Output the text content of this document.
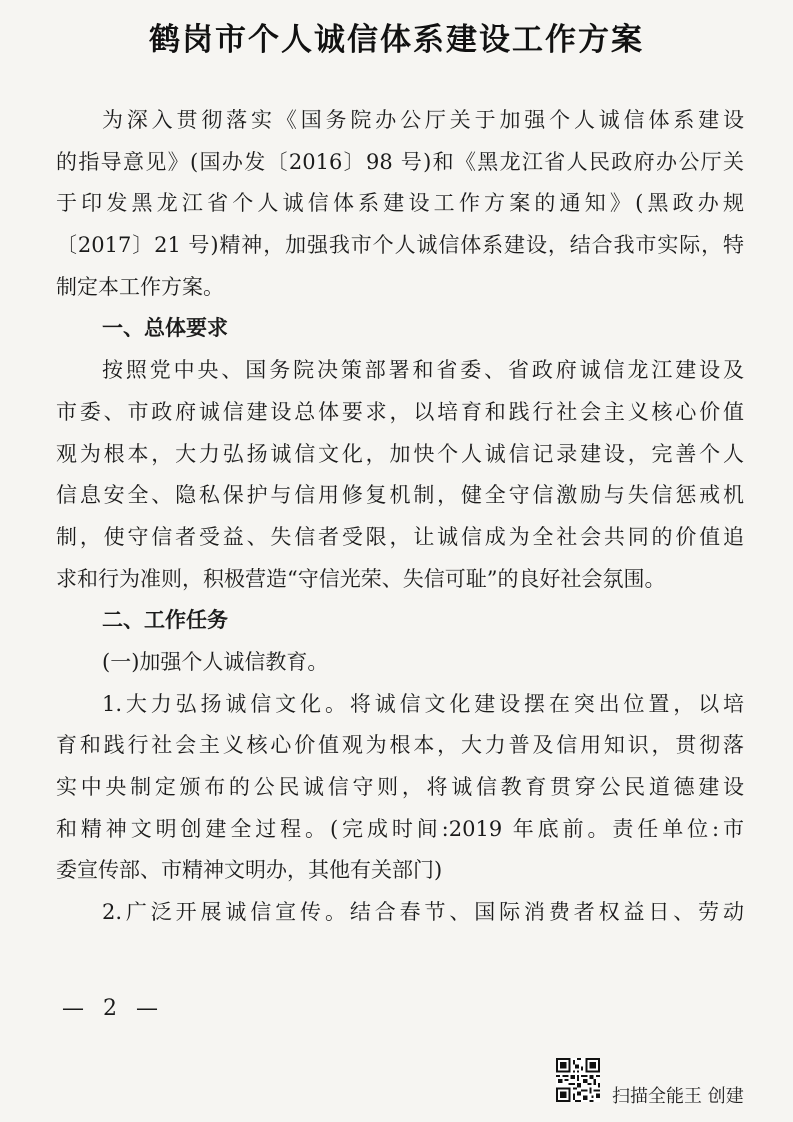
鹤岗市个人诚信体系建设工作方案
为深入贯彻落实《国务院办公厅关于加强个人诚信体系建设
的指导意见》(国办发〔2016〕98 号)和《黑龙江省人民政府办公厅关
于印发黑龙江省个人诚信体系建设工作方案的通知》(黑政办规
〔2017〕21 号)精神，加强我市个人诚信体系建设，结合我市实际，特
制定本工作方案。
一、总体要求
按照党中央、国务院决策部署和省委、省政府诚信龙江建设及
市委、市政府诚信建设总体要求，以培育和践行社会主义核心价值
观为根本，大力弘扬诚信文化，加快个人诚信记录建设，完善个人
信息安全、隐私保护与信用修复机制，健全守信激励与失信惩戒机
制，使守信者受益、失信者受限，让诚信成为全社会共同的价值追
求和行为准则，积极营造“守信光荣、失信可耻”的良好社会氛围。
二、工作任务
(一)加强个人诚信教育。
1.大力弘扬诚信文化。将诚信文化建设摆在突出位置，以培
育和践行社会主义核心价值观为根本，大力普及信用知识，贯彻落
实中央制定颁布的公民诚信守则，将诚信教育贯穿公民道德建设
和精神文明创建全过程。(完成时间:2019 年底前。责任单位:市
委宣传部、市精神文明办，其他有关部门)
2.广泛开展诚信宣传。结合春节、国际消费者权益日、劳动
— 2 —
扫描全能王 创建
